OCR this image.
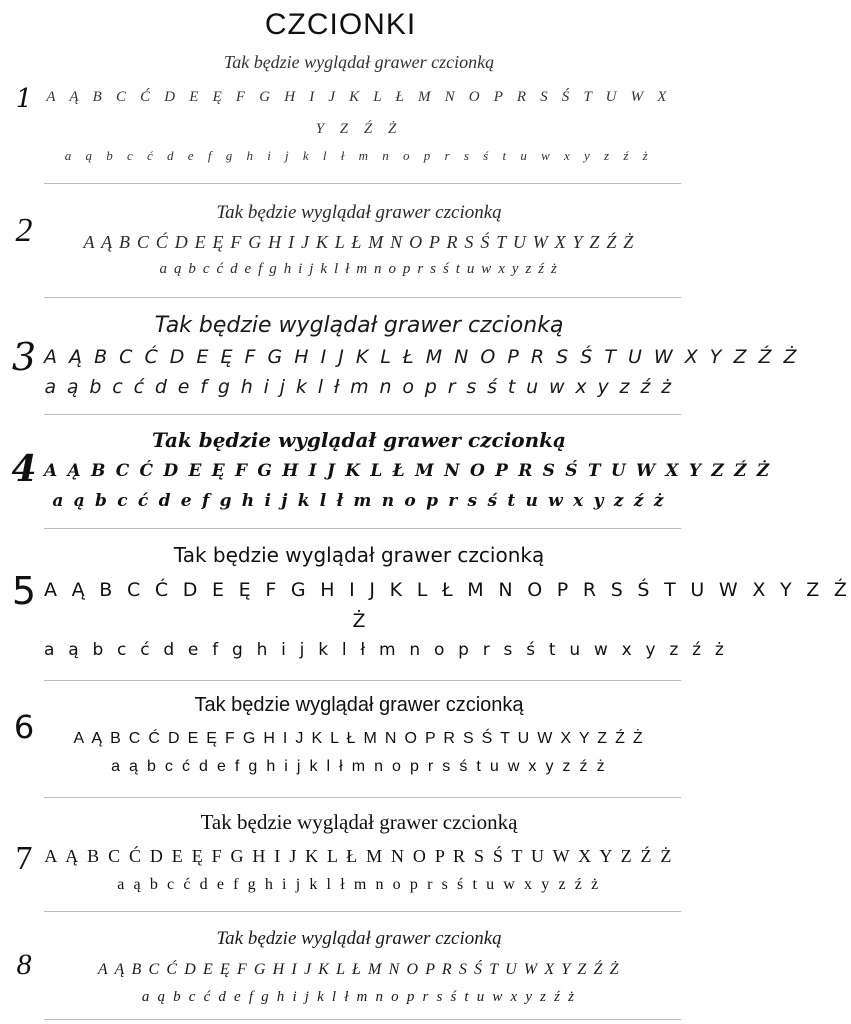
CZCIONKI
1
Tak będzie wyglądał grawer czcionką
A Ą B C Ć D E Ę F G H I J K L Ł M N O P R S Ś T U W X
Y Z Ź Ż
a ą b c ć d e f g h i j k l ł m n o p r s ś t u w x y z ź ż
2	Tak będzie wyglądał grawer czcionką
A Ą B C Ć D E Ę F G H I J K L Ł M N O P R S Ś T U W X Y Z Ź Ż
a ą b c ć d e f g h i j k l ł m n o p r s ś t u w x y z ź ż
3
Tak będzie wyglądał grawer czcionką
A Ą B C Ć D E Ę F G H I J K L Ł M N O P R S Ś T U W X Y Z Ź Ż
a ą b c ć d e f g h i j k l ł m n o p r s ś t u w x y z ź ż
4
Tak będzie wyglądał grawer czcionką
A Ą B C Ć D E Ę F G H I J K L Ł M N O P R S Ś T U W X Y Z Ź Ż
a ą b c ć d e f g h i j k l ł m n o p r s ś t u w x y z ź ż
5
Tak będzie wyglądał grawer czcionką
A Ą B C Ć D E Ę F G H I J K L Ł M N O P R S Ś T U W X Y Z Ź
Ż
a ą b c ć d e f g h i j k l ł m n o p r s ś t u w x y z ź ż
6
Tak będzie wyglądał grawer czcionką
A Ą B C Ć D E Ę F G H I J K L Ł M N O P R S Ś T U W X Y Z Ź Ż
a ą b c ć d e f g h i j k l ł m n o p r s ś t u w x y z ź ż
7
Tak będzie wyglądał grawer czcionką
A Ą B C Ć D E Ę F G H I J K L Ł M N O P R S Ś T U W X Y Z Ź Ż
a ą b c ć d e f g h i j k l ł m n o p r s ś t u w x y z ź ż
8
Tak będzie wyglądał grawer czcionką
A Ą B C Ć D E Ę F G H I J K L Ł M N O P R S Ś T U W X Y Z Ź Ż
a ą b c ć d e f g h i j k l ł m n o p r s ś t u w x y z ź ż
